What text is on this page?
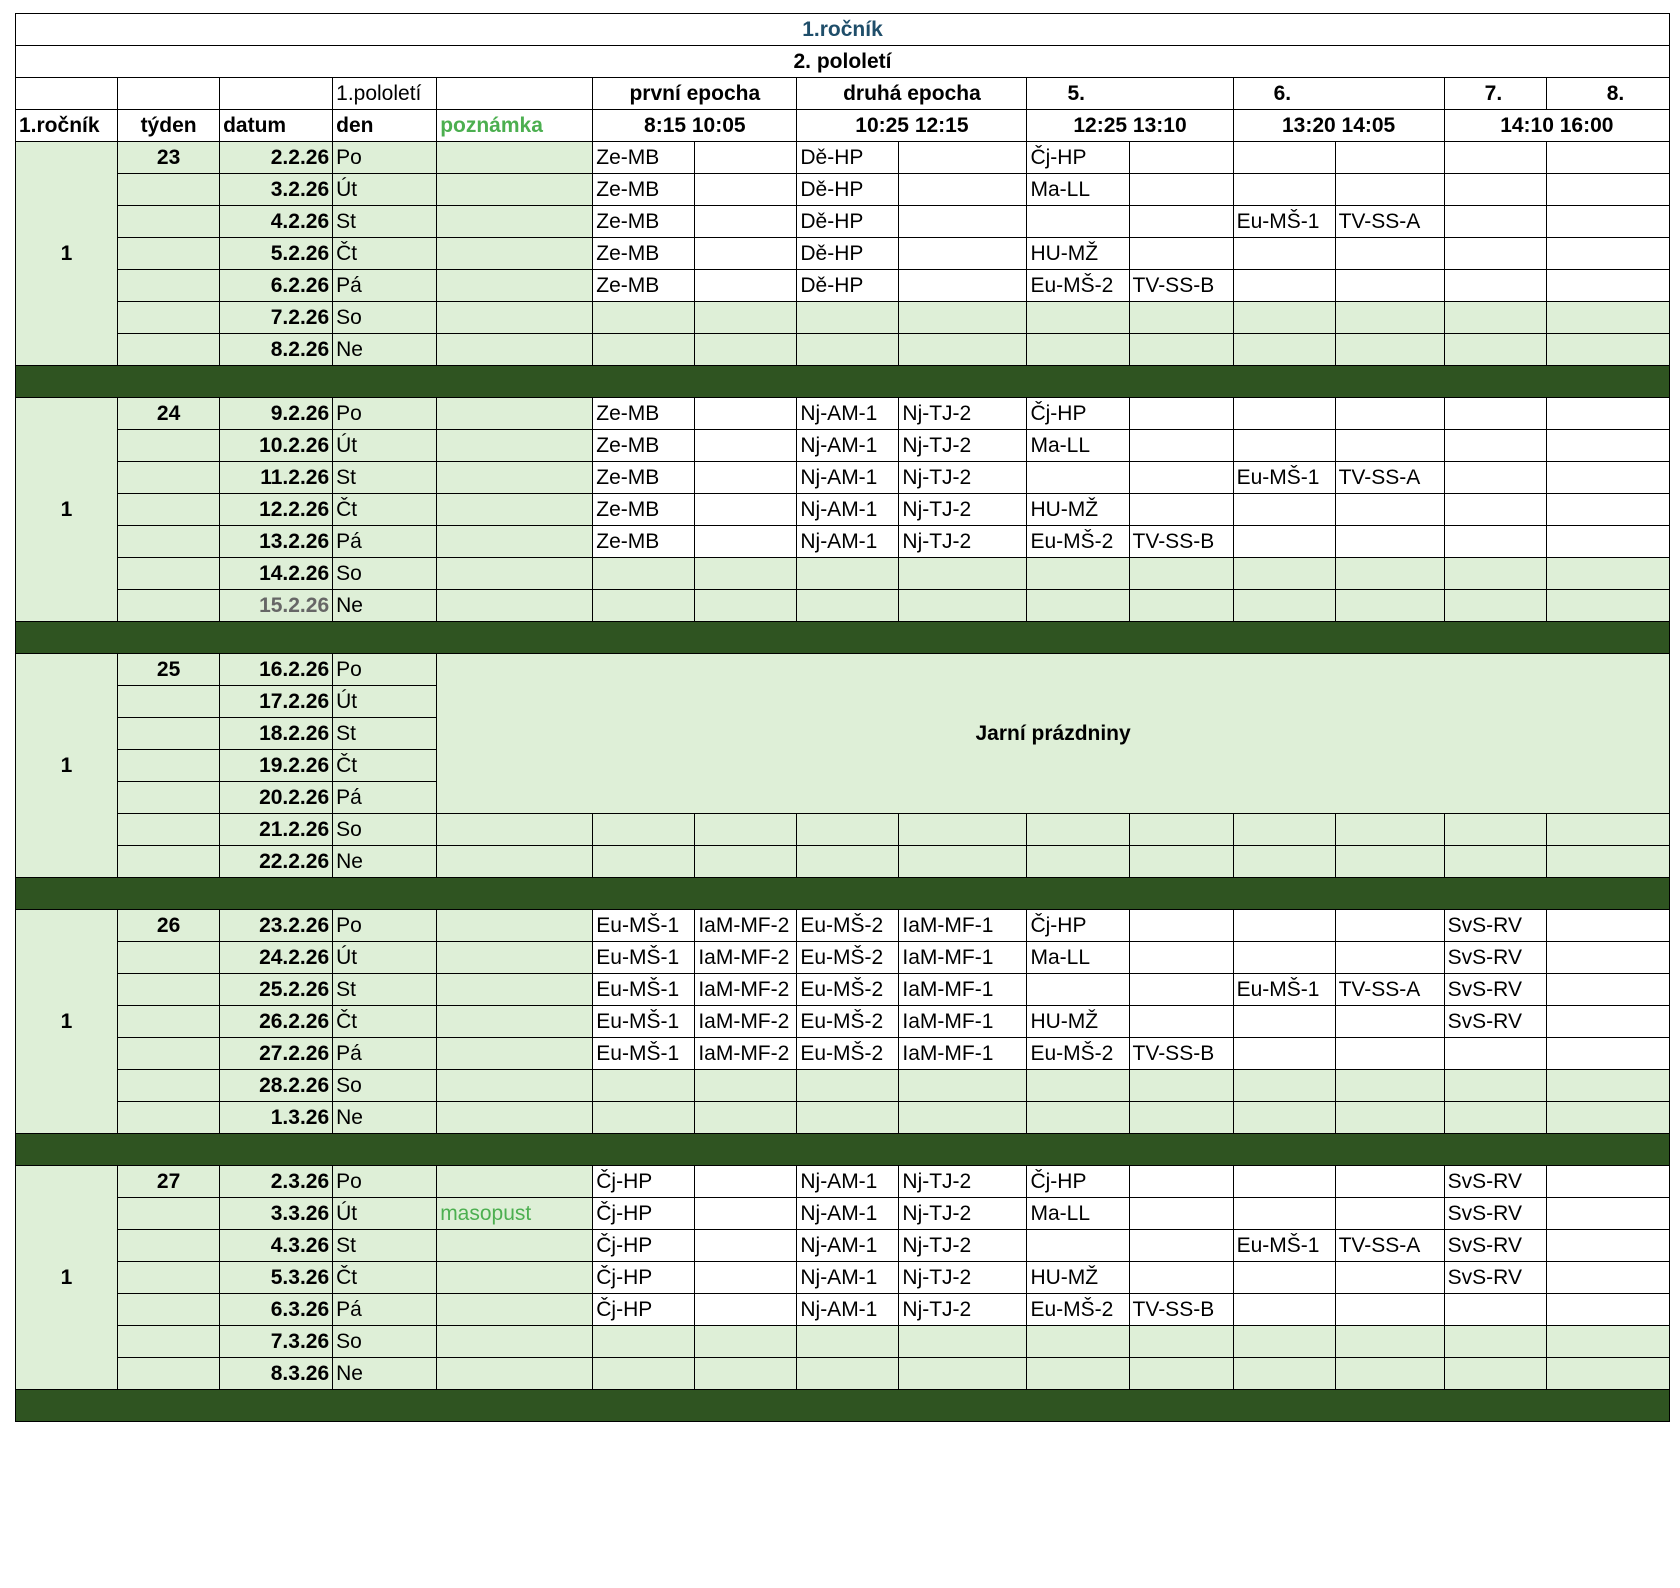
1.ročník														
2. pololetí														
			1.pololetí		první epocha		druhá epocha		5.		6.		7.	8.
1.ročník	týden	datum	den	poznámka	8:15 10:05		10:25 12:15		12:25 13:10		13:20 14:05		14:10 16:00	
1	23	2.2.26	Po		Ze-MB		Dě-HP		Čj-HP					
		3.2.26	Út		Ze-MB		Dě-HP		Ma-LL					
		4.2.26	St		Ze-MB		Dě-HP				Eu-MŠ-1	TV-SS-A		
		5.2.26	Čt		Ze-MB		Dě-HP		HU-MŽ					
		6.2.26	Pá		Ze-MB		Dě-HP		Eu-MŠ-2	TV-SS-B				
		7.2.26	So											
		8.2.26	Ne											

1	24	9.2.26	Po		Ze-MB		Nj-AM-1	Nj-TJ-2	Čj-HP					
		10.2.26	Út		Ze-MB		Nj-AM-1	Nj-TJ-2	Ma-LL					
		11.2.26	St		Ze-MB		Nj-AM-1	Nj-TJ-2			Eu-MŠ-1	TV-SS-A		
		12.2.26	Čt		Ze-MB		Nj-AM-1	Nj-TJ-2	HU-MŽ					
		13.2.26	Pá		Ze-MB		Nj-AM-1	Nj-TJ-2	Eu-MŠ-2	TV-SS-B				
		14.2.26	So											
		15.2.26	Ne											

1	25	16.2.26	Po	Jarní prázdniny										
		17.2.26	Út											
		18.2.26	St											
		19.2.26	Čt											
		20.2.26	Pá											
		21.2.26	So											
		22.2.26	Ne											

1	26	23.2.26	Po		Eu-MŠ-1	IaM-MF-2	Eu-MŠ-2	IaM-MF-1	Čj-HP				SvS-RV	
		24.2.26	Út		Eu-MŠ-1	IaM-MF-2	Eu-MŠ-2	IaM-MF-1	Ma-LL				SvS-RV	
		25.2.26	St		Eu-MŠ-1	IaM-MF-2	Eu-MŠ-2	IaM-MF-1			Eu-MŠ-1	TV-SS-A	SvS-RV	
		26.2.26	Čt		Eu-MŠ-1	IaM-MF-2	Eu-MŠ-2	IaM-MF-1	HU-MŽ				SvS-RV	
		27.2.26	Pá		Eu-MŠ-1	IaM-MF-2	Eu-MŠ-2	IaM-MF-1	Eu-MŠ-2	TV-SS-B				
		28.2.26	So											
		1.3.26	Ne											

1	27	2.3.26	Po		Čj-HP		Nj-AM-1	Nj-TJ-2	Čj-HP				SvS-RV	
		3.3.26	Út	masopust	Čj-HP		Nj-AM-1	Nj-TJ-2	Ma-LL				SvS-RV	
		4.3.26	St		Čj-HP		Nj-AM-1	Nj-TJ-2			Eu-MŠ-1	TV-SS-A	SvS-RV	
		5.3.26	Čt		Čj-HP		Nj-AM-1	Nj-TJ-2	HU-MŽ				SvS-RV	
		6.3.26	Pá		Čj-HP		Nj-AM-1	Nj-TJ-2	Eu-MŠ-2	TV-SS-B				
		7.3.26	So											
		8.3.26	Ne											
